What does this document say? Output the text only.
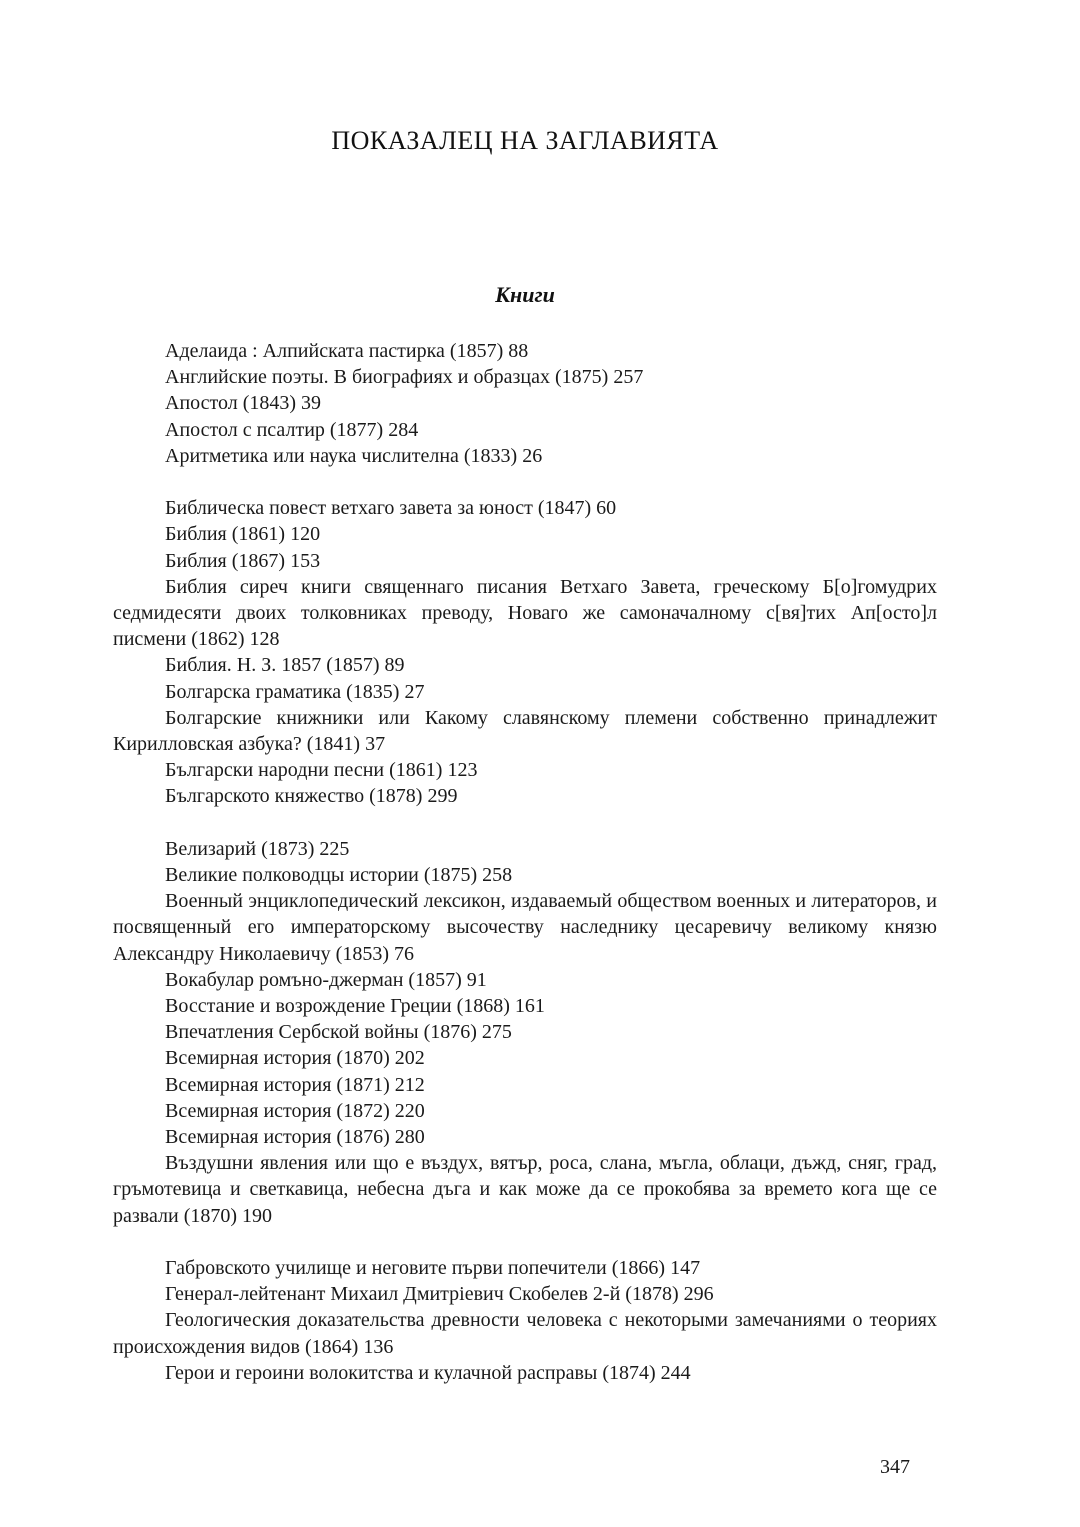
ПОКАЗАЛЕЦ НА ЗАГЛАВИЯТА
Книги
Аделаида : Алпийската пастирка (1857) 88
Английские поэты. В биографиях и образцах (1875) 257
Апостол (1843) 39
Апостол с псалтир (1877) 284
Аритметика или наука числителна (1833) 26
Библическа повест ветхаго завета за юност (1847) 60
Библия (1861) 120
Библия (1867) 153
Библия сиреч книги священнаго писания Ветхаго Завета, греческому Б[о]гомудрих седмидесяти двоих толковниках преводу, Новаго же самоначалному с[вя]тих Ап[осто]л писмени (1862) 128
Библия. Н. З. 1857 (1857) 89
Болгарска граматика (1835) 27
Болгарские книжники или Какому славянскому племени собственно принадлежит Кирилловская азбука? (1841) 37
Български народни песни (1861) 123
Българското княжество (1878) 299
Велизарий (1873) 225
Великие полководцы истории (1875) 258
Военный энциклопедический лексикон, издаваемый обществом военных и литераторов, и посвященный его императорскому высочеству наследнику цесаревичу великому князю Александру Николаевичу (1853) 76
Вокабулар ромъно-джерман (1857) 91
Восстание и возрождение Греции (1868) 161
Впечатления Сербской войны (1876) 275
Всемирная история (1870) 202
Всемирная история (1871) 212
Всемирная история (1872) 220
Всемирная история (1876) 280
Въздушни явления или що е въздух, вятър, роса, слана, мъгла, облаци, дъжд, сняг, град, гръмотевица и светкавица, небесна дъга и как може да се прокобява за времето кога ще се развали (1870) 190
Габровското училище и неговите първи попечители (1866) 147
Генерал-лейтенант Михаил Дмитрiевич Скобелев 2-й (1878) 296
Геологическия доказательства древности человека с некоторыми замечаниями о теориях происхождения видов (1864) 136
Герои и героини волокитства и кулачной расправы (1874) 244
347
